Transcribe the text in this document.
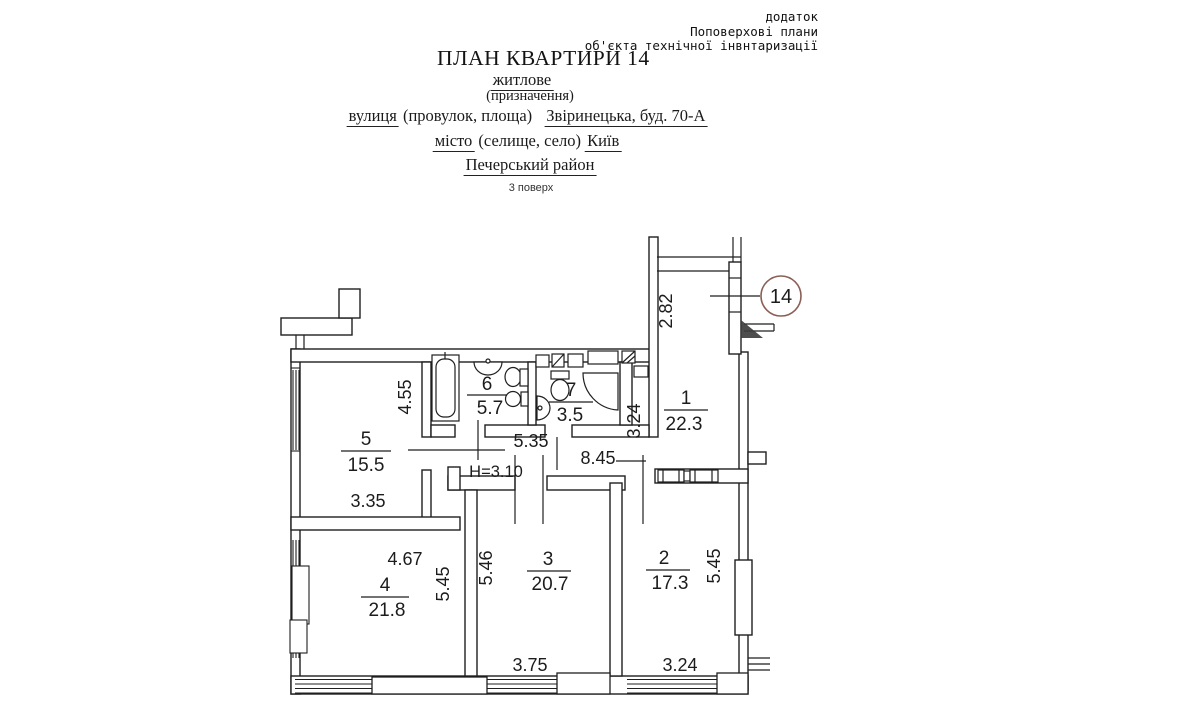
додаток
Поповерхові плани
об'єкта технічної інвнтаризації
ПЛАН КВАРТИРИ 14
житлове
(призначення)
вулиця (провулок, площа) Звіринецька, буд. 70-А
місто (селище, село) Київ
Печерський район
3 поверх
1
22.3
2
17.3
3
20.7
4
21.8
5
15.5
6
5.7
7
3.5
2.82
4.55
3.35
5.35
8.45
3.24
4.67
5.45 5.46
3.75	3.24
5.45
H=3.10
14
